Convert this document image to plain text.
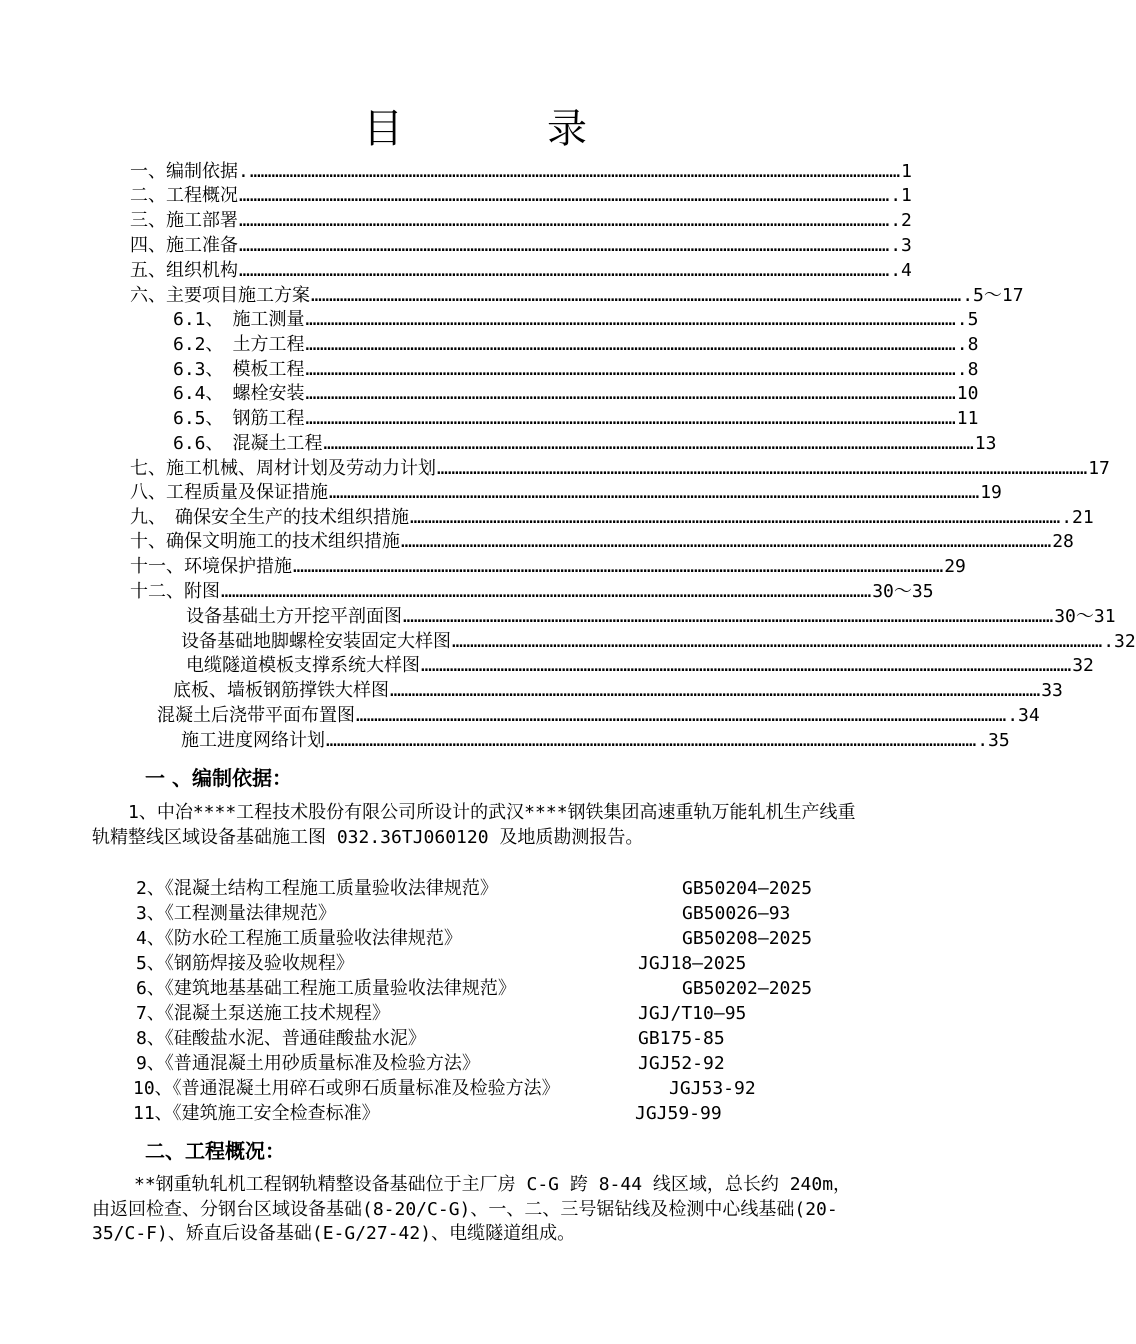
目　录
一、编制依据. ……………………………………………………………………………………………………………………………………………………………… 1
二、工程概况 ……………………………………………………………………………………………………………………………………………………………… .1
三、施工部署 ……………………………………………………………………………………………………………………………………………………………… .2
四、施工准备 ……………………………………………………………………………………………………………………………………………………………… .3
五、组织机构 ……………………………………………………………………………………………………………………………………………………………… .4
六、主要项目施工方案 ……………………………………………………………………………………………………………………………………………………………… .5～17
6.1、　施工测量 ……………………………………………………………………………………………………………………………………………………………… .5
6.2、　土方工程 ……………………………………………………………………………………………………………………………………………………………… .8
6.3、　模板工程 ……………………………………………………………………………………………………………………………………………………………… .8
6.4、　螺栓安装 ……………………………………………………………………………………………………………………………………………………………… 10
6.5、　钢筋工程 ……………………………………………………………………………………………………………………………………………………………… 11
6.6、　混凝土工程 ……………………………………………………………………………………………………………………………………………………………… 13
七、施工机械、周材计划及劳动力计划 ……………………………………………………………………………………………………………………………………………………………… 17
八、工程质量及保证措施 ……………………………………………………………………………………………………………………………………………………………… 19
九、　确保安全生产的技术组织措施 ……………………………………………………………………………………………………………………………………………………………… .21
十、确保文明施工的技术组织措施 ……………………………………………………………………………………………………………………………………………………………… 28
十一、环境保护措施 ……………………………………………………………………………………………………………………………………………………………… 29
十二、附图 ……………………………………………………………………………………………………………………………………………………………… 30～35
设备基础土方开挖平剖面图 ……………………………………………………………………………………………………………………………………………………………… 30～31
设备基础地脚螺栓安装固定大样图 ……………………………………………………………………………………………………………………………………………………………… .32
电缆隧道模板支撑系统大样图 ……………………………………………………………………………………………………………………………………………………………… 32
底板、墙板钢筋撑铁大样图 ……………………………………………………………………………………………………………………………………………………………… 33
混凝土后浇带平面布置图 ……………………………………………………………………………………………………………………………………………………………… .34
施工进度网络计划 ……………………………………………………………………………………………………………………………………………………………… .35
一 、编制依据：
1、中冶****工程技术股份有限公司所设计的武汉****钢铁集团高速重轨万能轧机生产线重轨精整线区域设备基础施工图 032.36TJ060120 及地质勘测报告。
2、《混凝土结构工程施工质量验收法律规范》	GB50204—2025
3、《工程测量法律规范》	GB50026—93
4、《防水砼工程施工质量验收法律规范》	GB50208—2025
5、《钢筋焊接及验收规程》	JGJ18—2025
6、《建筑地基基础工程施工质量验收法律规范》	GB50202—2025
7、《混凝土泵送施工技术规程》	JGJ/T10—95
8、《硅酸盐水泥、普通硅酸盐水泥》	GB175-85
9、《普通混凝土用砂质量标准及检验方法》	JGJ52-92
10、《普通混凝土用碎石或卵石质量标准及检验方法》	JGJ53-92
11、《建筑施工安全检查标准》	JGJ59-99
二、工程概况：
**钢重轨轧机工程钢轨精整设备基础位于主厂房 C-G 跨 8-44 线区域，总长约 240m，由返回检查、分钢台区域设备基础(8-20/C-G)、一、二、三号锯钻线及检测中心线基础(20-35/C-F)、矫直后设备基础(E-G/27-42)、电缆隧道组成。
